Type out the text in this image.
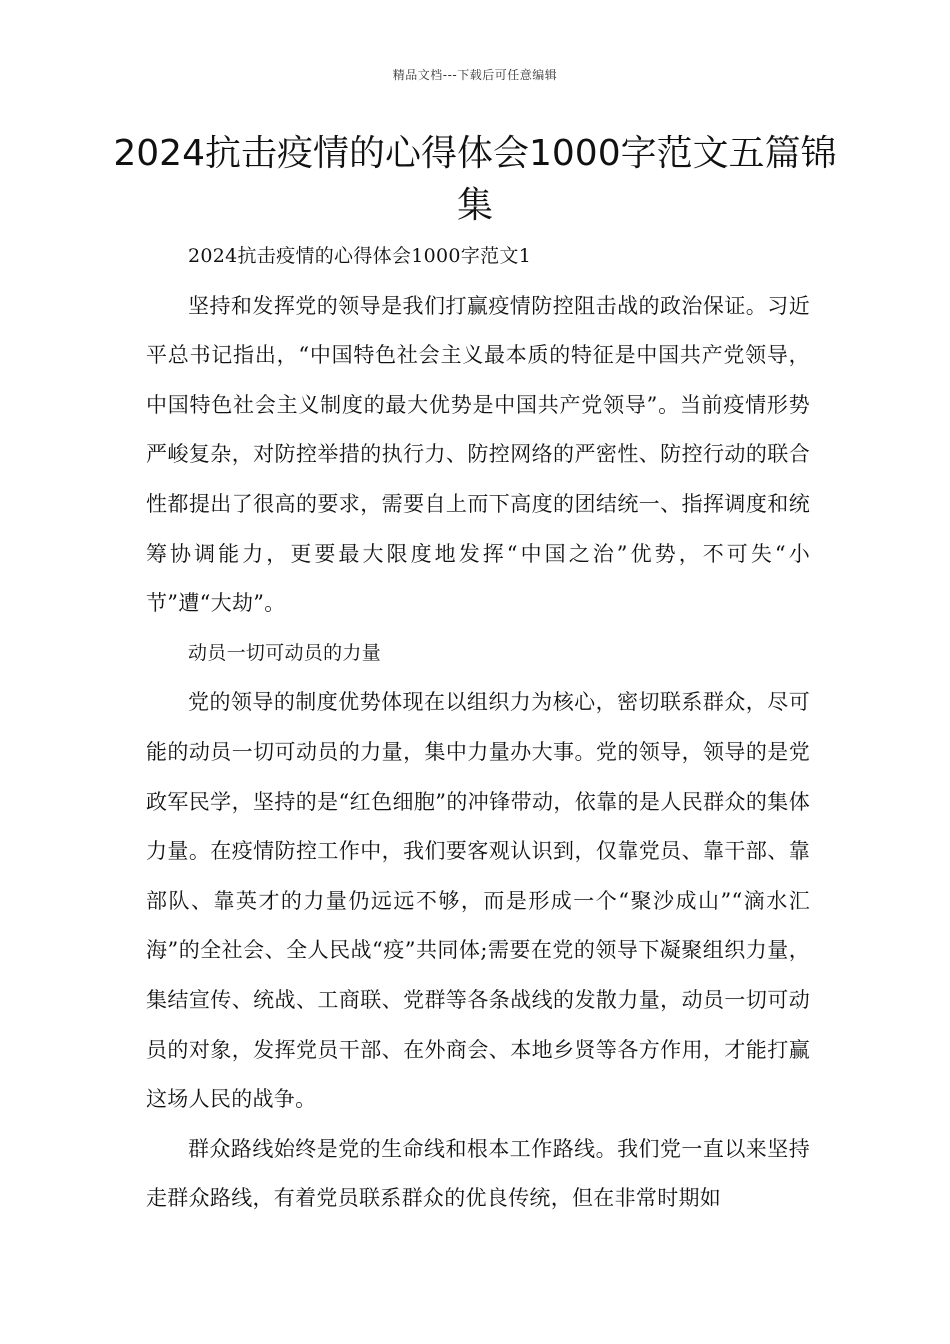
精品文档---下载后可任意编辑
2024抗击疫情的心得体会1000字范文五篇锦集

2024抗击疫情的心得体会1000字范文1

坚持和发挥党的领导是我们打赢疫情防控阻击战的政治保证。习近平总书记指出，“中国特色社会主义最本质的特征是中国共产党领导，中国特色社会主义制度的最大优势是中国共产党领导”。当前疫情形势严峻复杂，对防控举措的执行力、防控网络的严密性、防控行动的联合性都提出了很高的要求，需要自上而下高度的团结统一、指挥调度和统筹协调能力，更要最大限度地发挥“中国之治”优势，不可失“小节”遭“大劫”。

动员一切可动员的力量

党的领导的制度优势体现在以组织力为核心，密切联系群众，尽可能的动员一切可动员的力量，集中力量办大事。党的领导，领导的是党政军民学，坚持的是“红色细胞”的冲锋带动，依靠的是人民群众的集体力量。在疫情防控工作中，我们要客观认识到，仅靠党员、靠干部、靠部队、靠英才的力量仍远远不够，而是形成一个“聚沙成山”“滴水汇海”的全社会、全人民战“疫”共同体;需要在党的领导下凝聚组织力量，集结宣传、统战、工商联、党群等各条战线的发散力量，动员一切可动员的对象，发挥党员干部、在外商会、本地乡贤等各方作用，才能打赢这场人民的战争。

群众路线始终是党的生命线和根本工作路线。我们党一直以来坚持走群众路线，有着党员联系群众的优良传统，但在非常时期如
